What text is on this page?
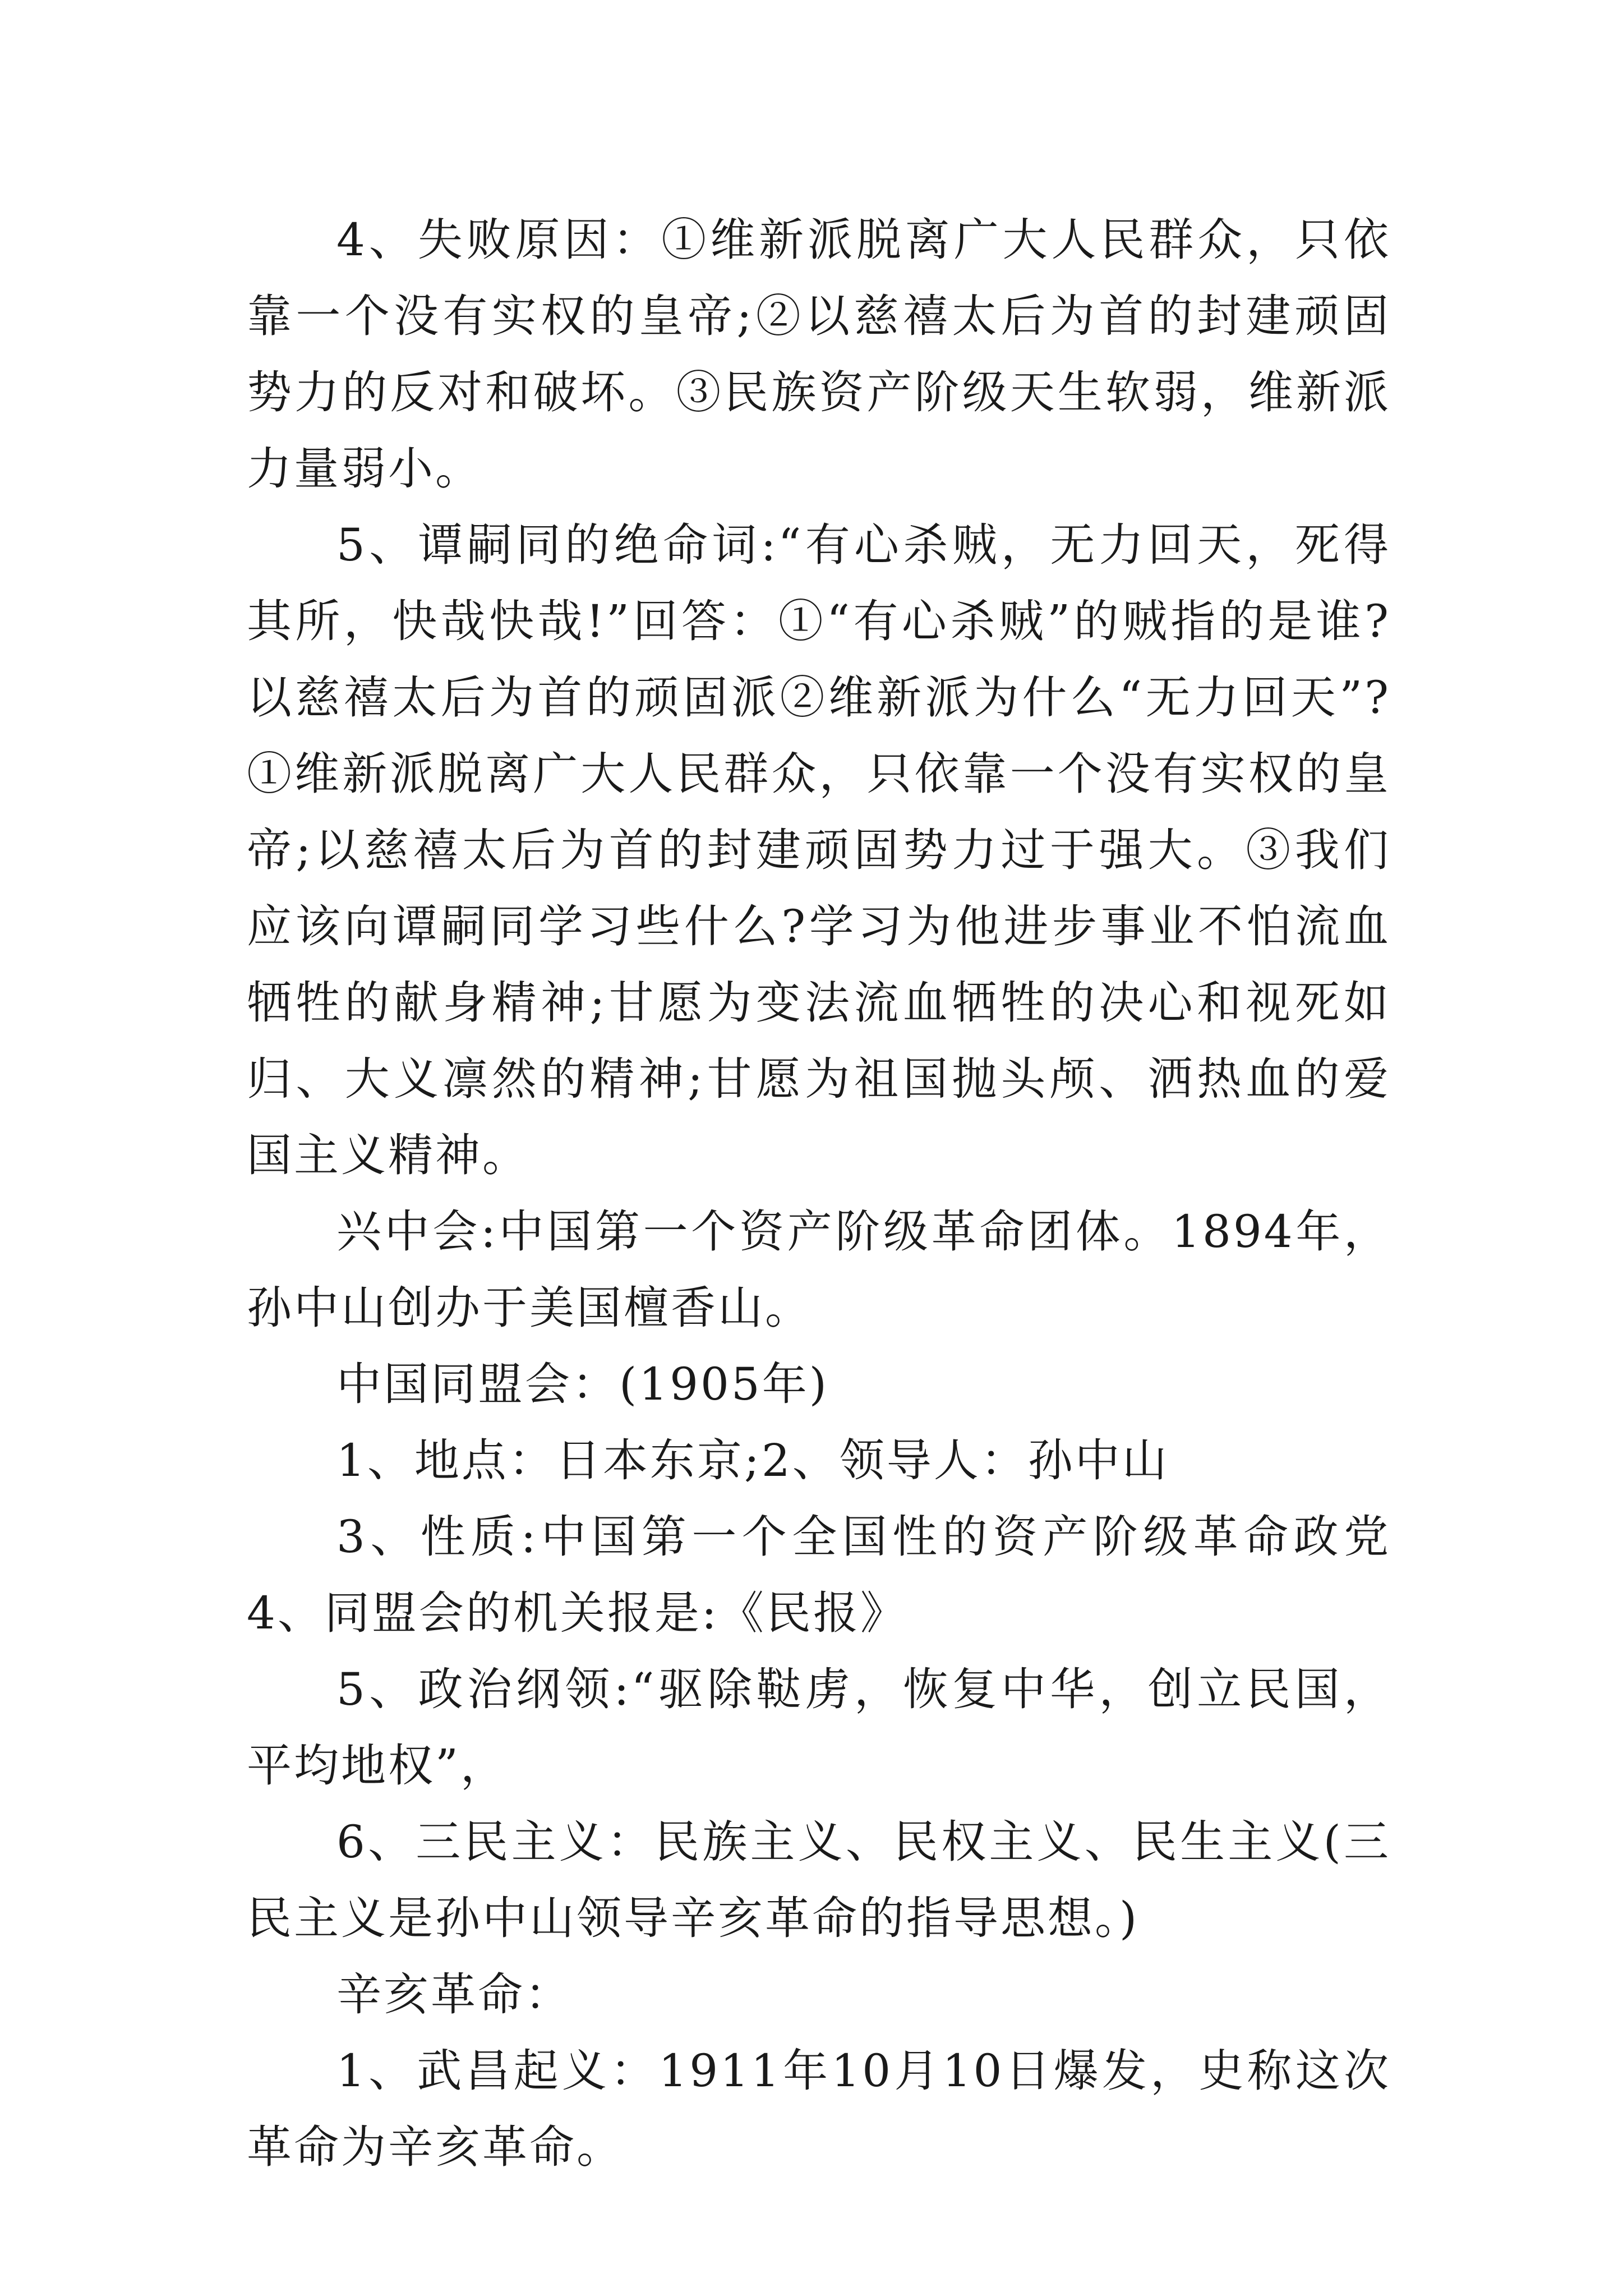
4、失败原因：①维新派脱离广大人民群众，只依靠一个没有实权的皇帝;②以慈禧太后为首的封建顽固势力的反对和破坏。③民族资产阶级天生软弱，维新派力量弱小。

5、谭嗣同的绝命词:“有心杀贼，无力回天，死得其所，快哉快哉!”回答：①“有心杀贼”的贼指的是谁?以慈禧太后为首的顽固派②维新派为什么“无力回天”?①维新派脱离广大人民群众，只依靠一个没有实权的皇帝;以慈禧太后为首的封建顽固势力过于强大。③我们应该向谭嗣同学习些什么?学习为他进步事业不怕流血牺牲的献身精神;甘愿为变法流血牺牲的决心和视死如归、大义凛然的精神;甘愿为祖国抛头颅、洒热血的爱国主义精神。

兴中会:中国第一个资产阶级革命团体。1894年，孙中山创办于美国檀香山。

中国同盟会：(1905年)

1、地点：日本东京;2、领导人：孙中山

3、性质:中国第一个全国性的资产阶级革命政党4、同盟会的机关报是:《民报》

5、政治纲领:“驱除鞑虏，恢复中华，创立民国，平均地权”，

6、三民主义：民族主义、民权主义、民生主义(三民主义是孙中山领导辛亥革命的指导思想。)

辛亥革命：

1、武昌起义：1911年10月10日爆发，史称这次革命为辛亥革命。
